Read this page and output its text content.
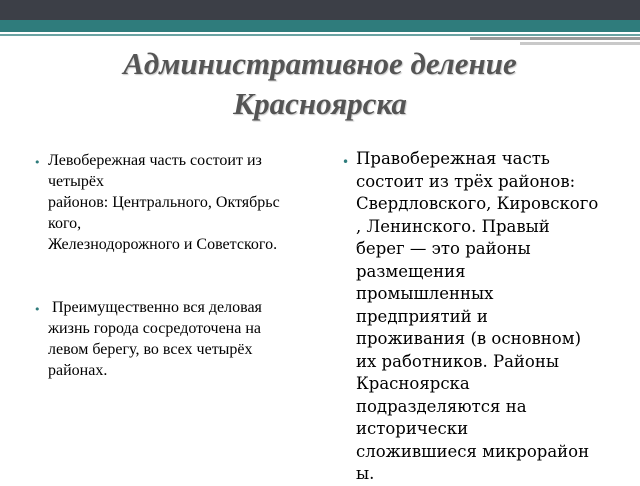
Административное деление
Красноярска
• Левобережная часть состоит из
четырёх
районов: Центрального, Октябрьс
кого,
Железнодорожного и Советского.
• Преимущественно вся деловая
жизнь города сосредоточена на
левом берегу, во всех четырёх
районах.
• Правобережная часть
состоит из трёх районов:
Свердловского, Кировского
, Ленинского. Правый
берег — это районы
размещения
промышленных
предприятий и
проживания (в основном)
их работников. Районы
Красноярска
подразделяются на
исторически
сложившиеся микрорайон
ы.
